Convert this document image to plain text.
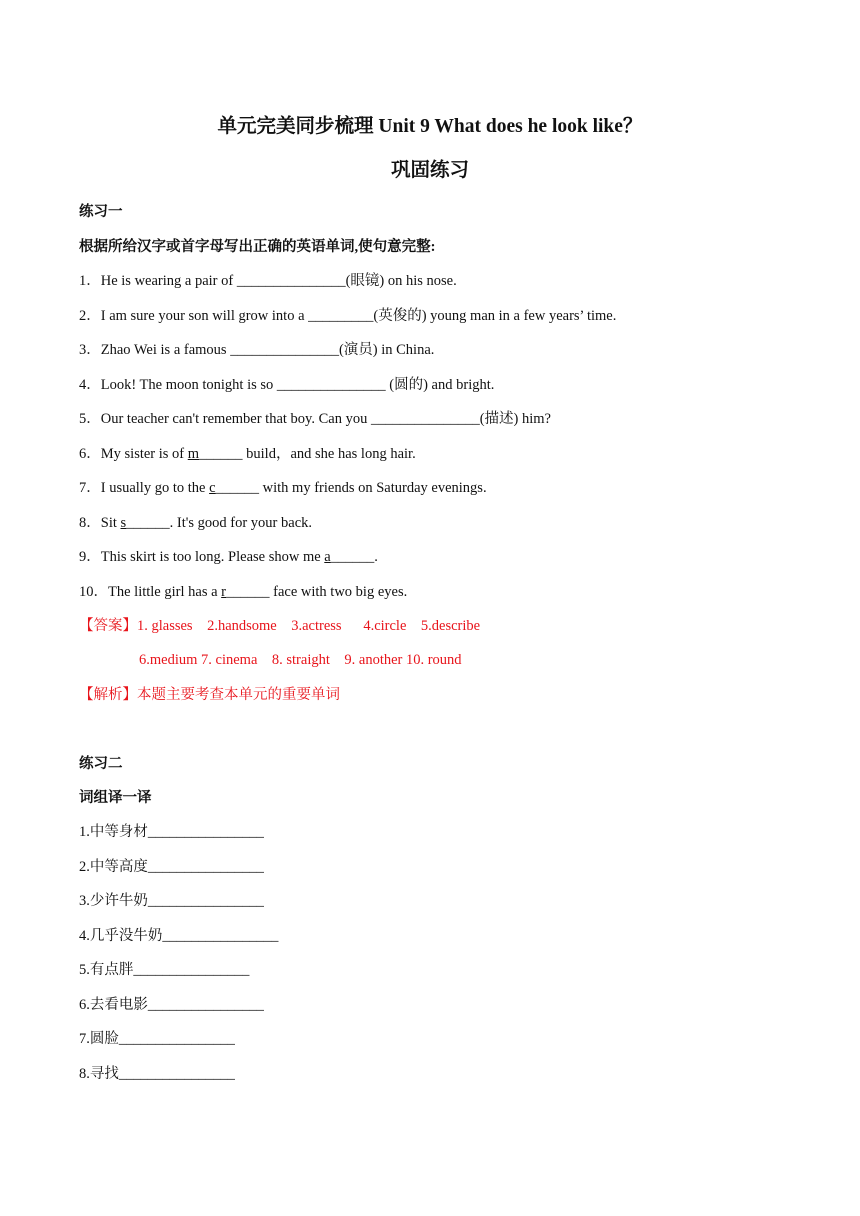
单元完美同步梳理 Unit 9 What does he look like？
巩固练习
练习一
根据所给汉字或首字母写出正确的英语单词,使句意完整:
1．He is wearing a pair of _______________(眼镜) on his nose.
2．I am sure your son will grow into a _________(英俊的) young man in a few years’ time.
3．Zhao Wei is a famous _______________(演员) in China.
4．Look! The moon tonight is so _______________ (圆的) and bright.
5．Our teacher can't remember that boy. Can you _______________(描述) him?
6．My sister is of m______ build，and she has long hair.
7．I usually go to the c______ with my friends on Saturday evenings.
8．Sit s______. It's good for your back.
9．This skirt is too long. Please show me a______.
10．The little girl has a r______ face with two big eyes.
【答案】1. glasses    2.handsome    3.actress      4.circle    5.describe
6.medium 7. cinema    8. straight    9. another 10. round
【解析】本题主要考查本单元的重要单词
练习二
词组译一译
1.中等身材________________
2.中等高度________________
3.少许牛奶________________
4.几乎没牛奶________________
5.有点胖________________
6.去看电影________________
7.圆脸________________
8.寻找________________
